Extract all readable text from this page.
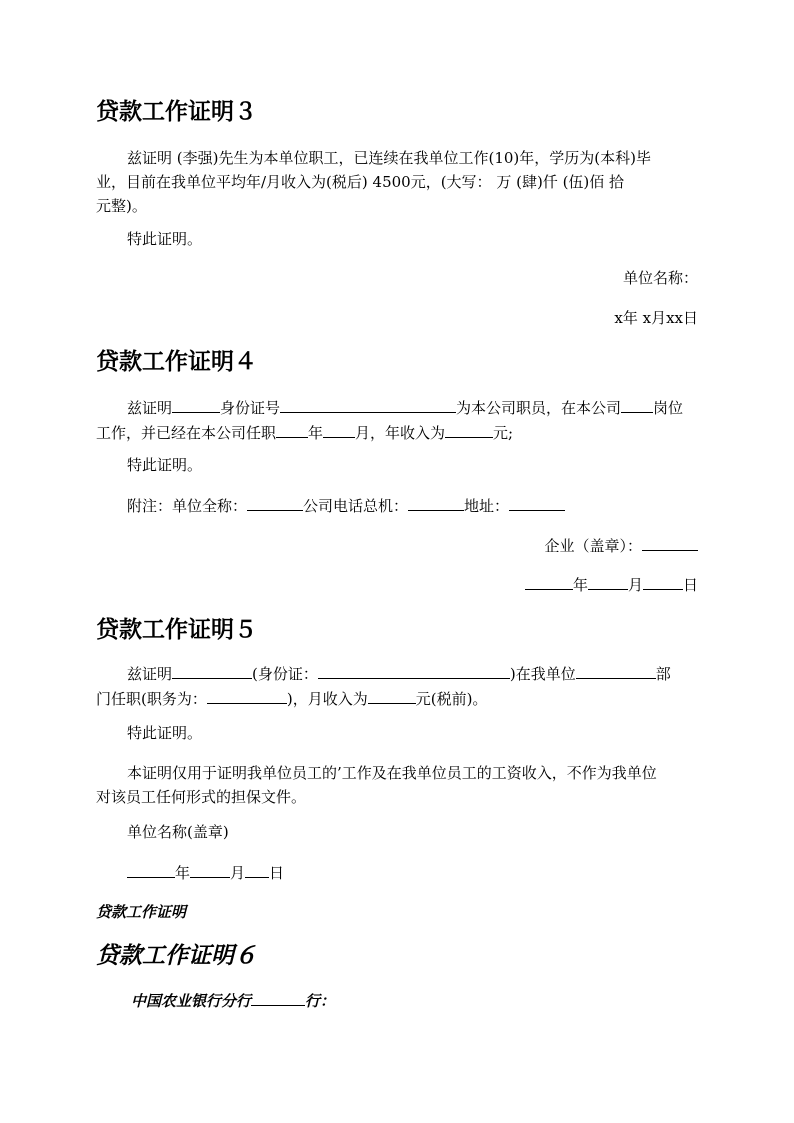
贷款工作证明３
兹证明 (李强)先生为本单位职工，已连续在我单位工作(10)年，学历为(本科)毕
业，目前在我单位平均年/月收入为(税后) 4500元，(大写： 万 (肆)仟 (伍)佰 拾
元整)。

特此证明。

单位名称：

x年 x月xx日

贷款工作证明４
兹证明	身份证号	为本公司职员，在本公司 岗位
工作，并已经在本公司任职 年 月，年收入为	元;

特此证明。

附注：单位全称：	公司电话总机：	地址：

企业（盖章）：

年	月	日

贷款工作证明５
兹证明	(身份证：	)在我单位	部
门任职(职务为：	)，月收入为	元(税前)。

特此证明。

本证明仅用于证明我单位员工的’工作及在我单位员工的工资收入，不作为我单位
对该员工任何形式的担保文件。

单位名称(盖章)

年	月 日

贷款工作证明

贷款工作证明６

中国农业银行分行	行：
